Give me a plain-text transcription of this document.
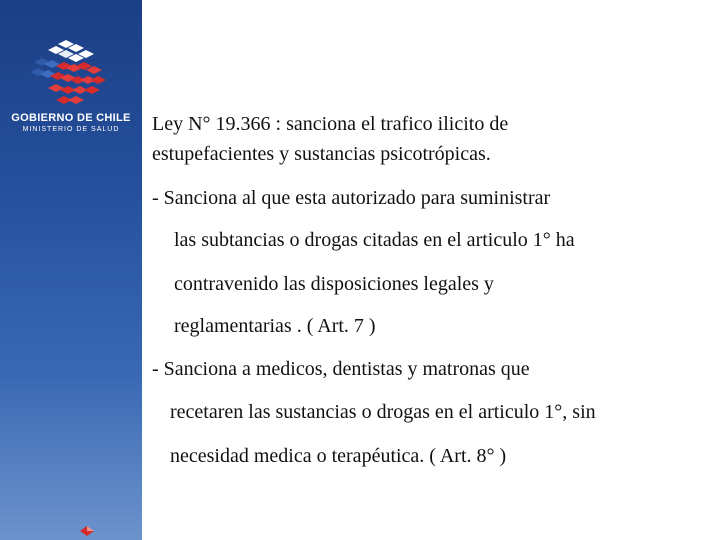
GOBIERNO DE CHILE
MINISTERIO DE SALUD	Ley N° 19.366 : sanciona el trafico ilicito de
estupefacientes y sustancias psicotrópicas.
- Sanciona al que esta autorizado para suministrar
las subtancias o drogas citadas en el articulo 1° ha
contravenido las disposiciones legales y
reglamentarias . ( Art. 7 )
- Sanciona a medicos, dentistas y matronas que
recetaren las sustancias o drogas en el articulo 1°, sin
necesidad medica o terapéutica. ( Art. 8° )
